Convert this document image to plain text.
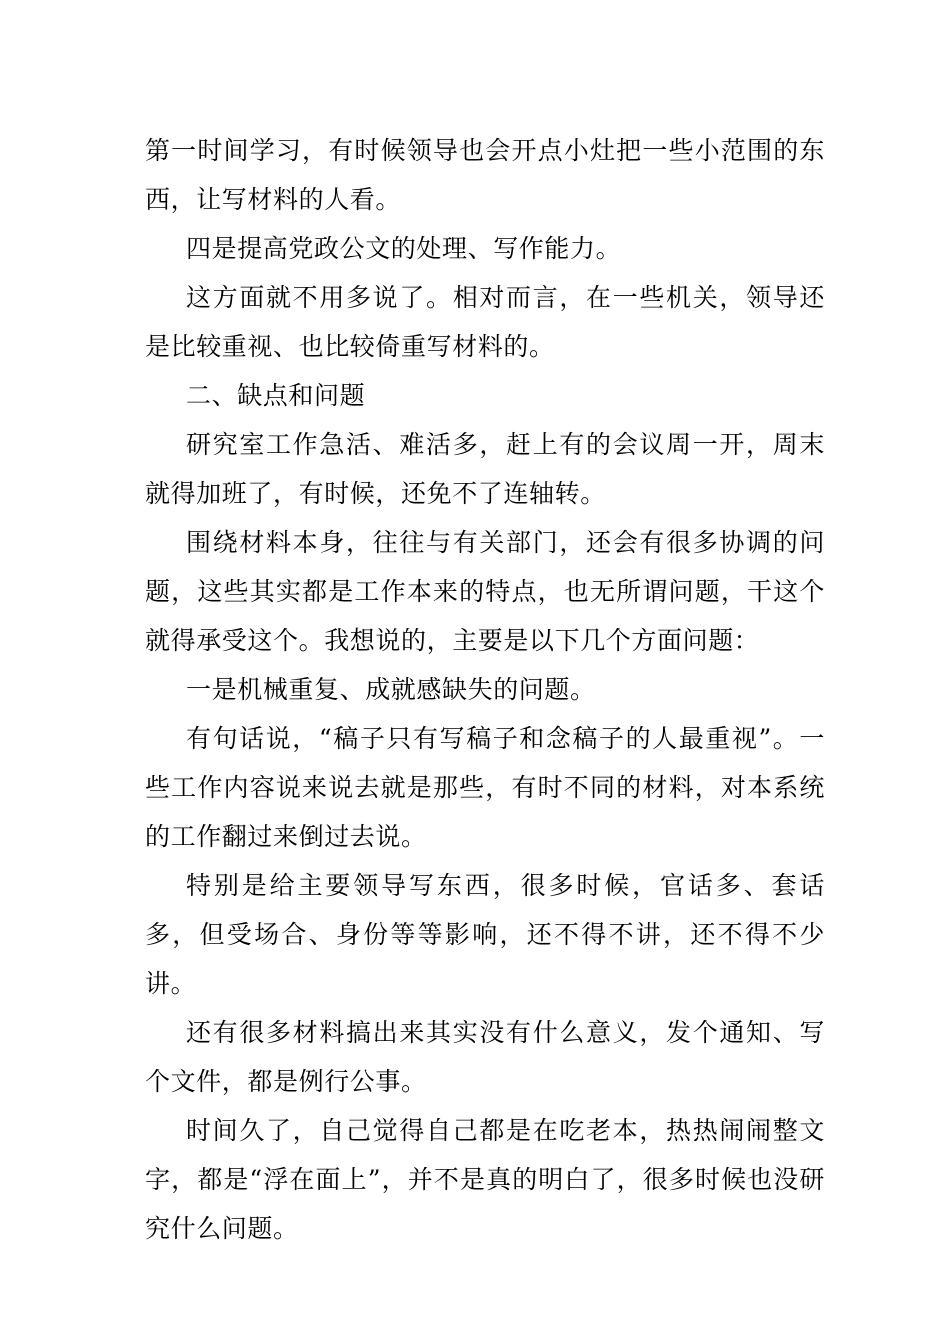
第一时间学习，有时候领导也会开点小灶把一些小范围的东西，让写材料的人看。

四是提高党政公文的处理、写作能力。

这方面就不用多说了。相对而言，在一些机关，领导还是比较重视、也比较倚重写材料的。

二、缺点和问题

研究室工作急活、难活多，赶上有的会议周一开，周末就得加班了，有时候，还免不了连轴转。

围绕材料本身，往往与有关部门，还会有很多协调的问题，这些其实都是工作本来的特点，也无所谓问题，干这个就得承受这个。我想说的，主要是以下几个方面问题：

一是机械重复、成就感缺失的问题。

有句话说，“稿子只有写稿子和念稿子的人最重视”。一些工作内容说来说去就是那些，有时不同的材料，对本系统的工作翻过来倒过去说。

特别是给主要领导写东西，很多时候，官话多、套话多，但受场合、身份等等影响，还不得不讲，还不得不少讲。

还有很多材料搞出来其实没有什么意义，发个通知、写个文件，都是例行公事。

时间久了，自己觉得自己都是在吃老本，热热闹闹整文字，都是“浮在面上”，并不是真的明白了，很多时候也没研究什么问题。
